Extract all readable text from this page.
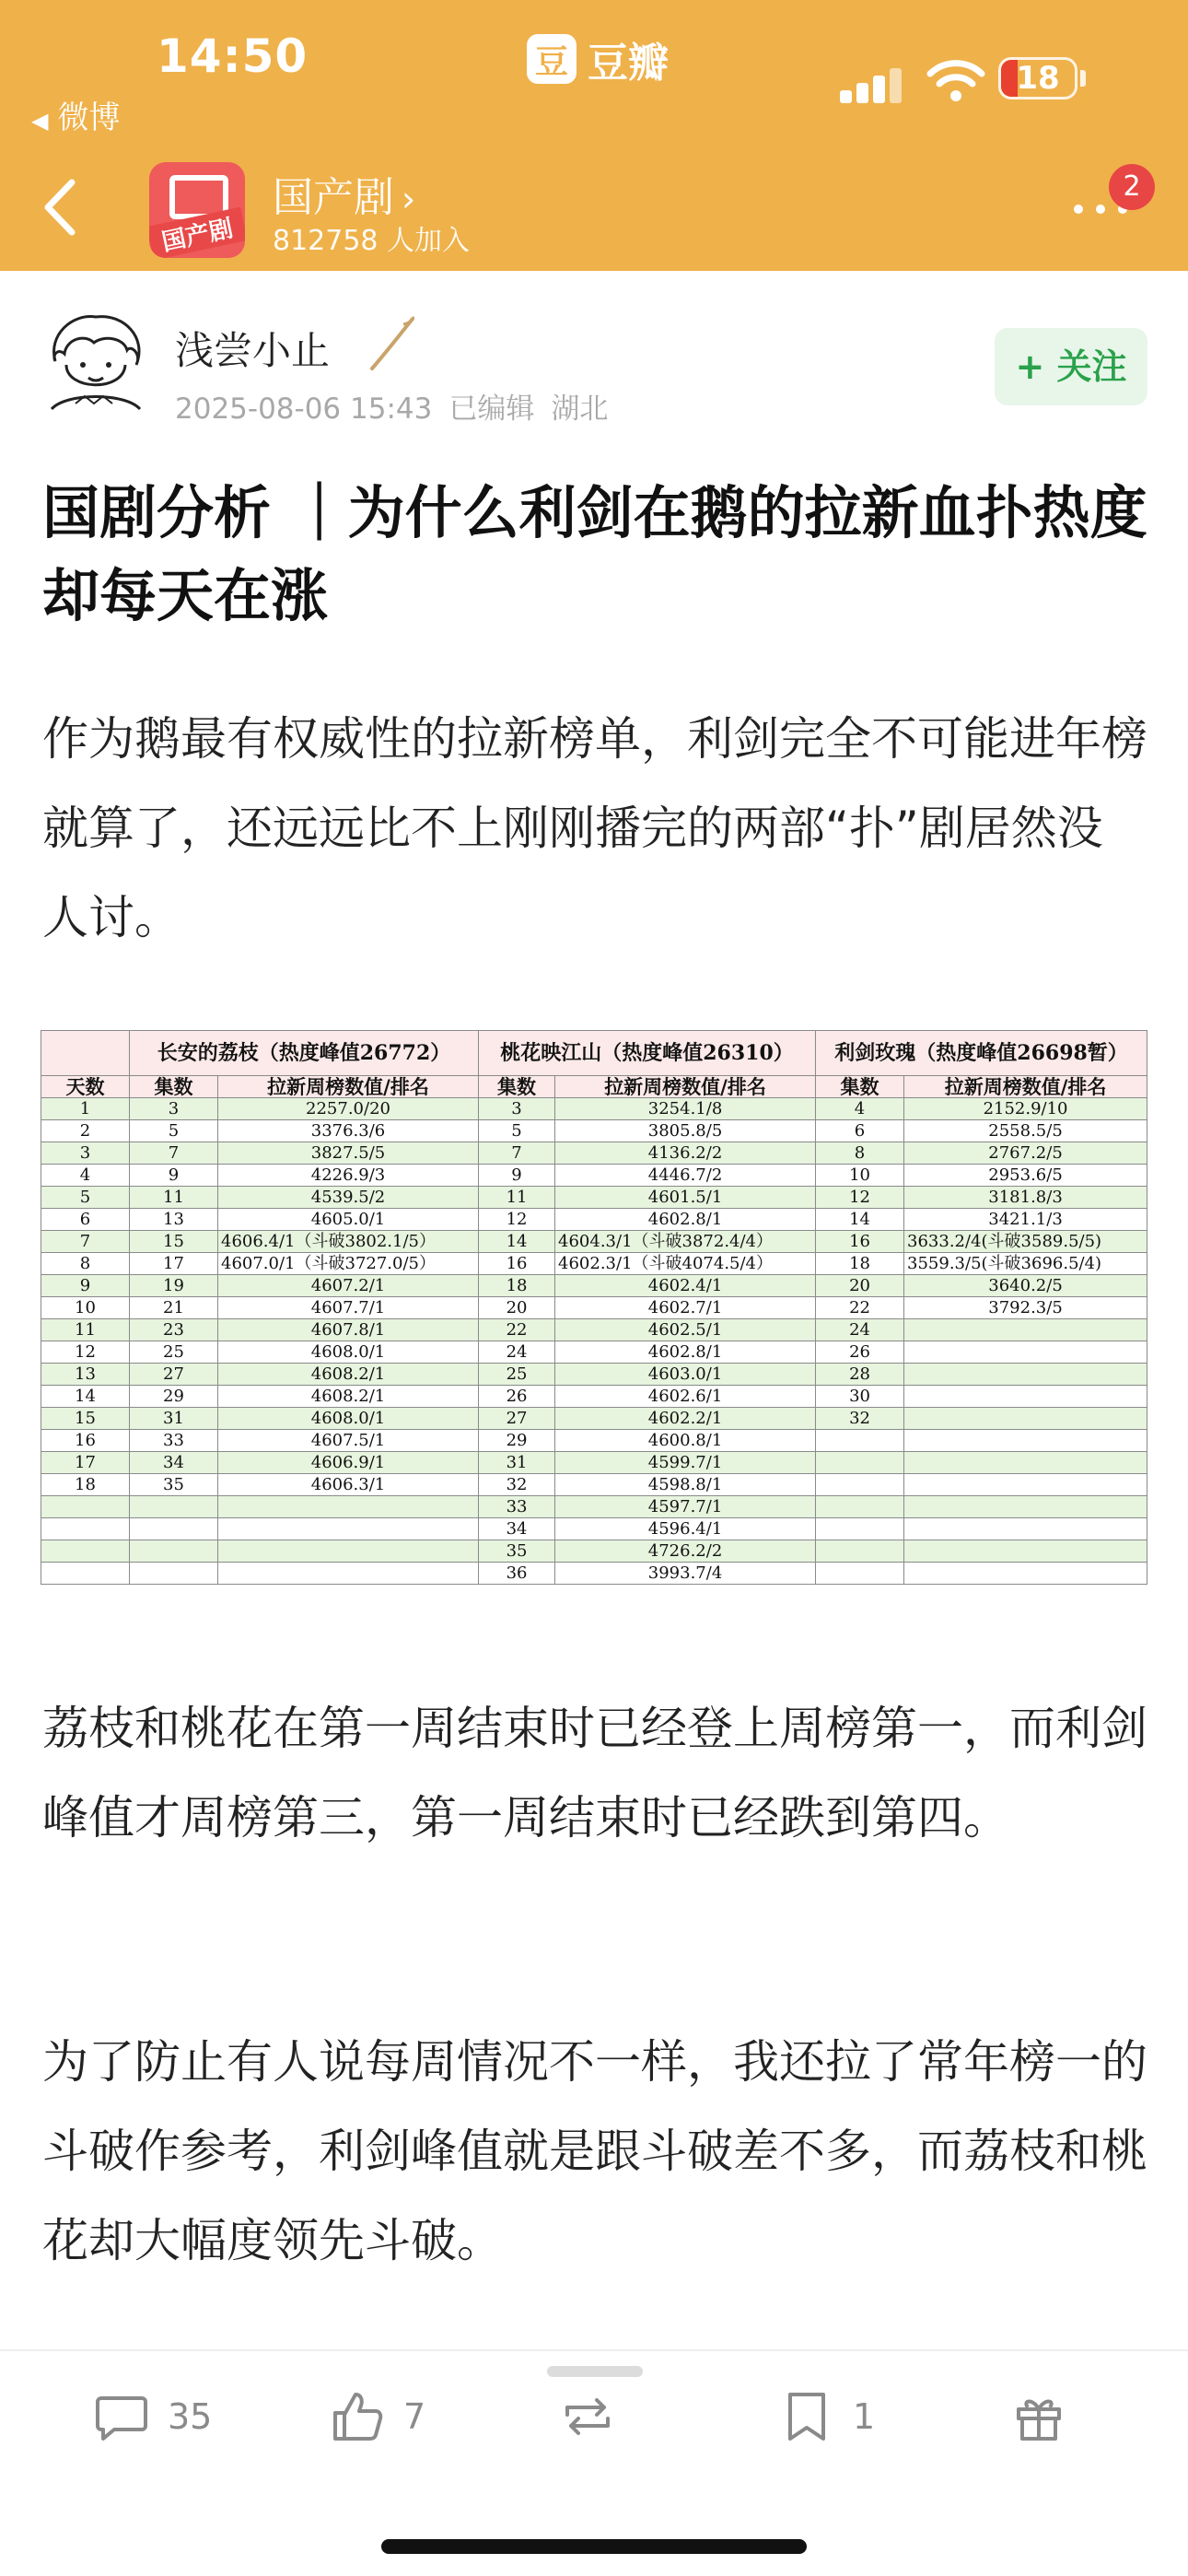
14:50
◀ 微博
豆 豆瓣	18
国产剧
国产剧 ›
812758 人加入
2
浅尝小止
2025-08-06 15:43 已编辑 湖北
+ 关注
国剧分析 ｜为什么利剑在鹅的拉新血扑热度却每天在涨
作为鹅最有权威性的拉新榜单，利剑完全不可能进年榜就算了，还远远比不上刚刚播完的两部“扑”剧居然没人讨。
	长安的荔枝（热度峰值26772）		桃花映江山（热度峰值26310）		利剑玫瑰（热度峰值26698暂）	
天数	集数	拉新周榜数值/排名	集数	拉新周榜数值/排名	集数	拉新周榜数值/排名
1	3	2257.0/20	3	3254.1/8	4	2152.9/10
2	5	3376.3/6	5	3805.8/5	6	2558.5/5
3	7	3827.5/5	7	4136.2/2	8	2767.2/5
4	9	4226.9/3	9	4446.7/2	10	2953.6/5
5	11	4539.5/2	11	4601.5/1	12	3181.8/3
6	13	4605.0/1	12	4602.8/1	14	3421.1/3
7	15	4606.4/1（斗破3802.1/5）	14	4604.3/1（斗破3872.4/4）	16	3633.2/4(斗破3589.5/5)
8	17	4607.0/1（斗破3727.0/5）	16	4602.3/1（斗破4074.5/4）	18	3559.3/5(斗破3696.5/4)
9	19	4607.2/1	18	4602.4/1	20	3640.2/5
10	21	4607.7/1	20	4602.7/1	22	3792.3/5
11	23	4607.8/1	22	4602.5/1	24	
12	25	4608.0/1	24	4602.8/1	26	
13	27	4608.2/1	25	4603.0/1	28	
14	29	4608.2/1	26	4602.6/1	30	
15	31	4608.0/1	27	4602.2/1	32	
16	33	4607.5/1	29	4600.8/1		
17	34	4606.9/1	31	4599.7/1		
18	35	4606.3/1	32	4598.8/1		
			33	4597.7/1		
			34	4596.4/1		
			35	4726.2/2		
			36	3993.7/4		
荔枝和桃花在第一周结束时已经登上周榜第一，而利剑峰值才周榜第三，第一周结束时已经跌到第四。
为了防止有人说每周情况不一样，我还拉了常年榜一的斗破作参考，利剑峰值就是跟斗破差不多，而荔枝和桃花却大幅度领先斗破。
35	7	1
